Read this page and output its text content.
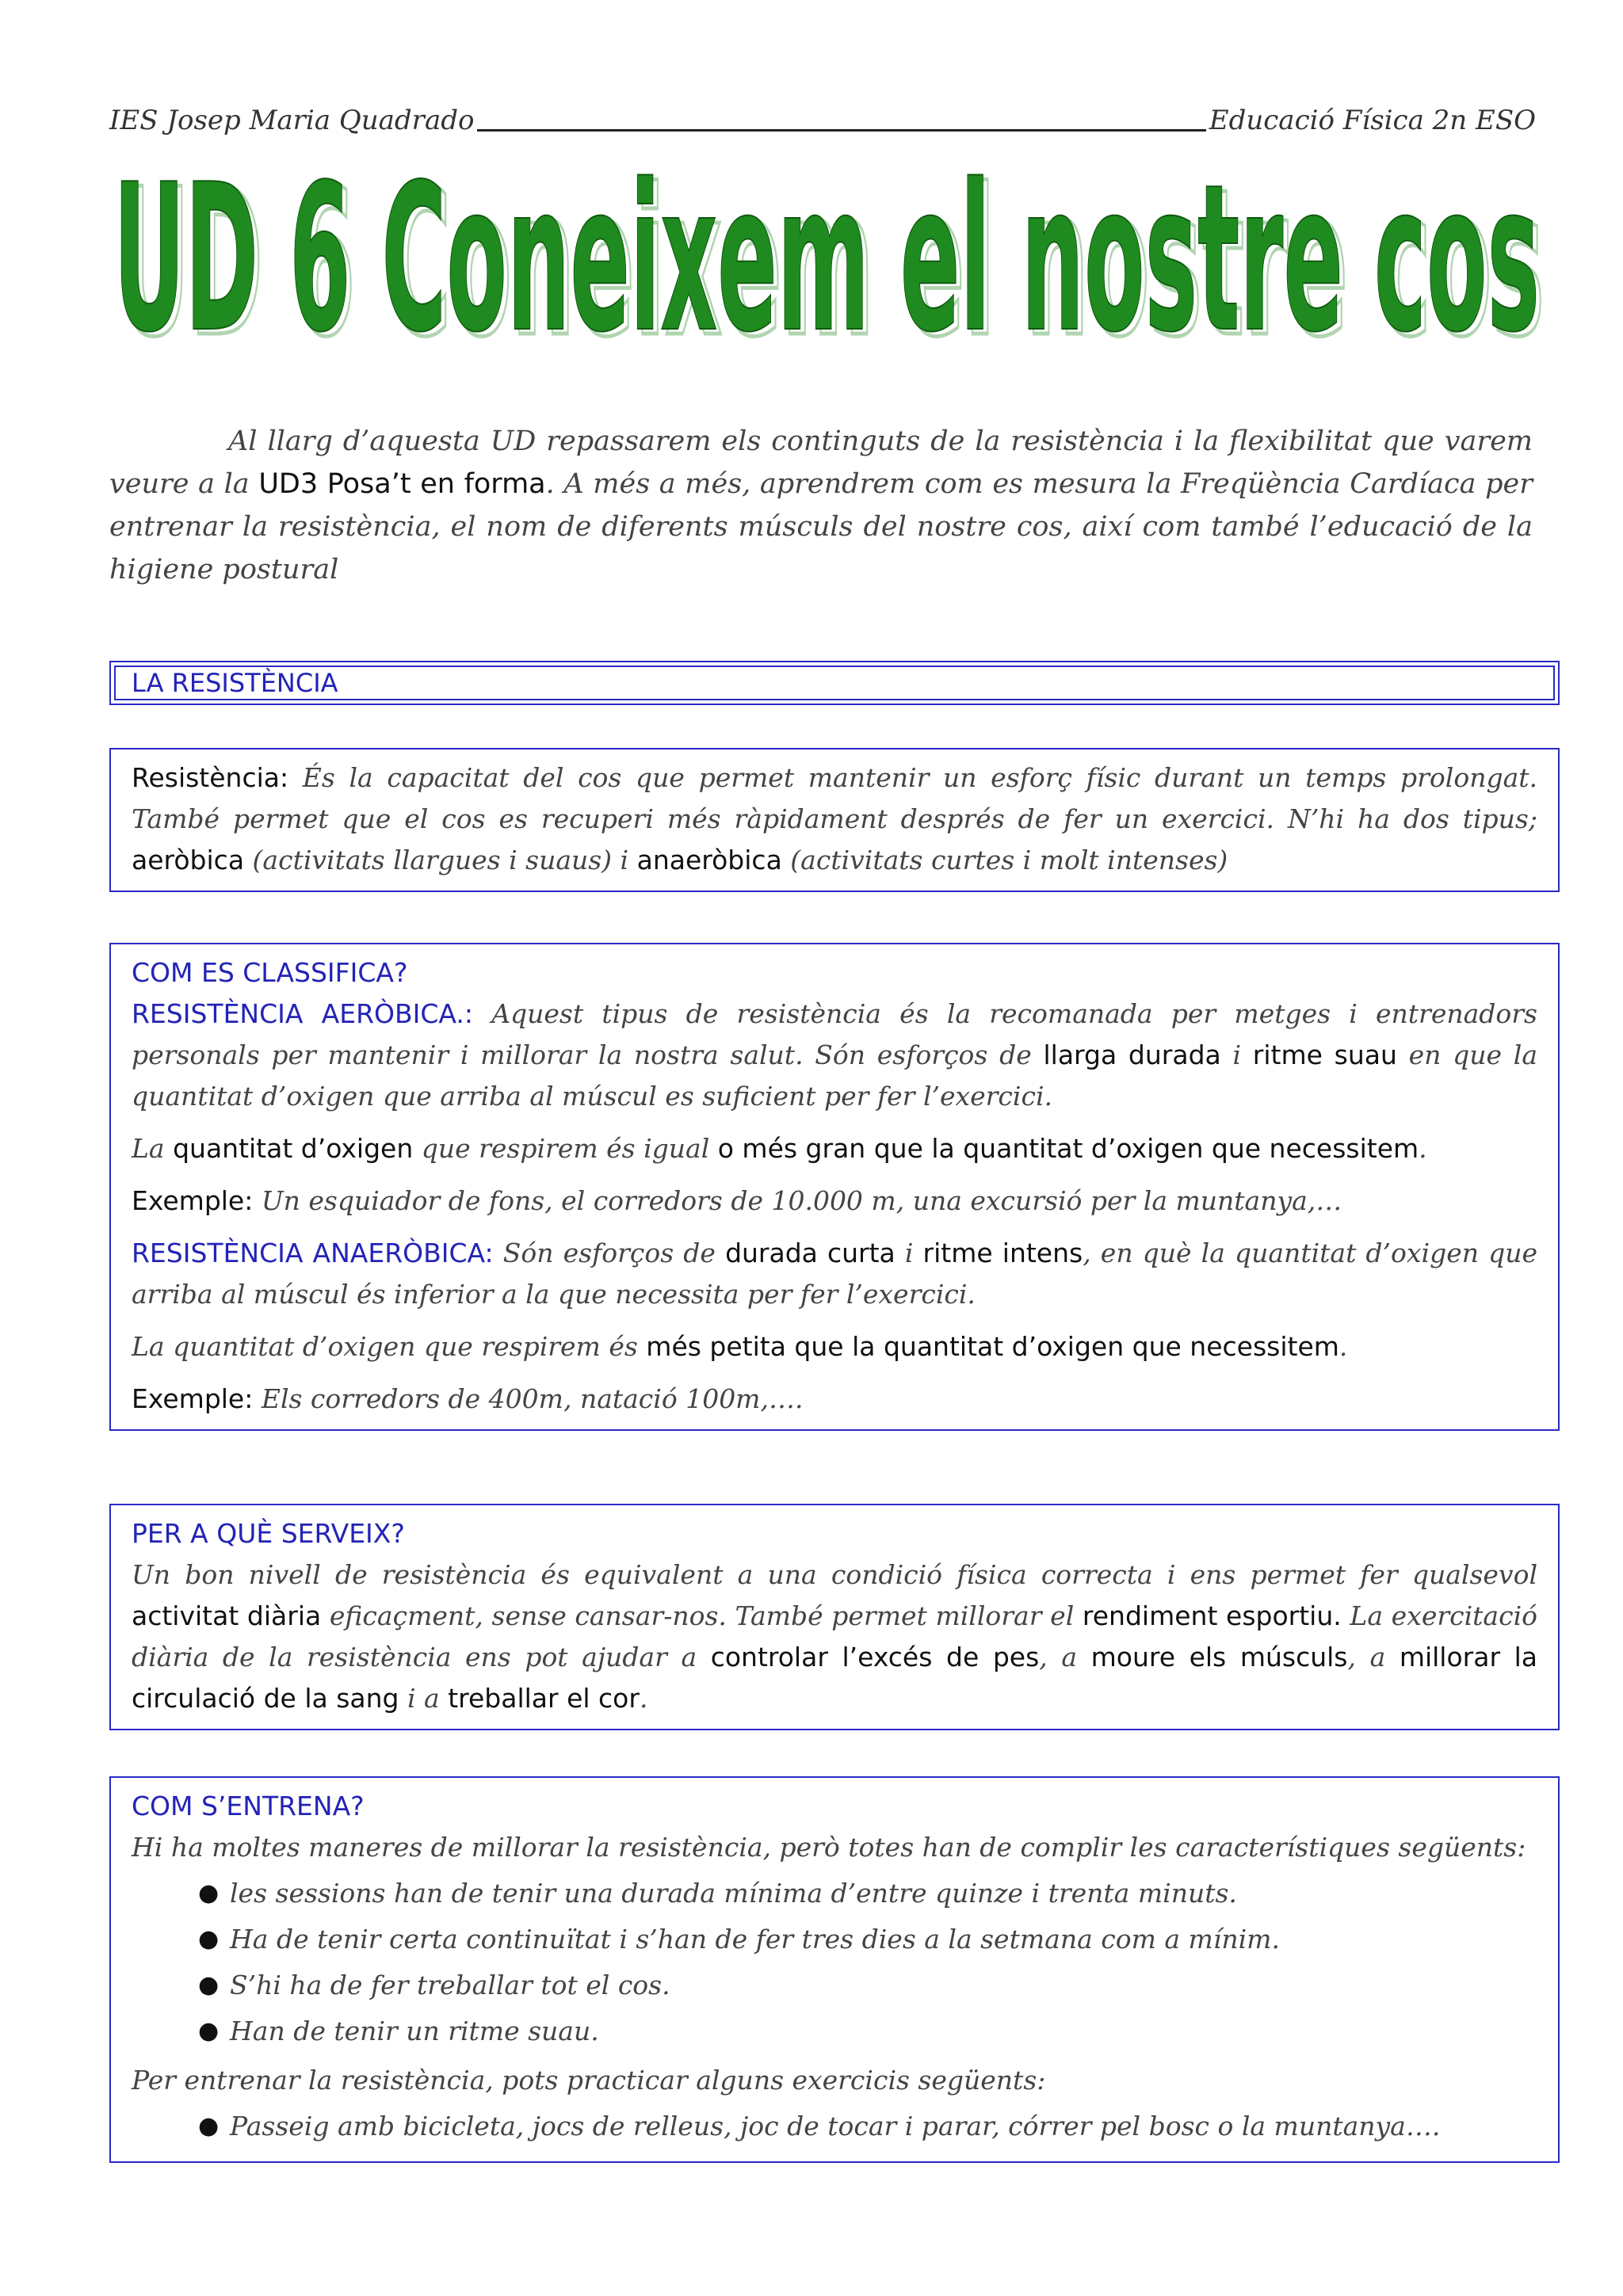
IES Josep Maria Quadrado	Educació Física 2n ESO
UD 6 Coneixem el nostre cos
UD 6 Coneixem el nostre cos
Al llarg d’aquesta UD repassarem els continguts de la resistència i la flexibilitat que varem veure a la UD3 Posa’t en forma. A més a més, aprendrem com es mesura la Freqüència Cardíaca per entrenar la resistència, el nom de diferents músculs del nostre cos, així com també l’educació de la higiene postural
LA RESISTÈNCIA

Resistència: És la capacitat del cos que permet mantenir un esforç físic durant un temps prolongat. També permet que el cos es recuperi més ràpidament després de fer un exercici. N’hi ha dos tipus; aeròbica (activitats llargues i suaus) i anaeròbica (activitats curtes i molt intenses)

COM ES CLASSIFICA?

RESISTÈNCIA AERÒBICA.: Aquest tipus de resistència és la recomanada per metges i entrenadors personals per mantenir i millorar la nostra salut. Són esforços de llarga durada i ritme suau en que la quantitat d’oxigen que arriba al múscul es suficient per fer l’exercici.

La quantitat d’oxigen que respirem és igual o més gran que la quantitat d’oxigen que necessitem.

Exemple: Un esquiador de fons, el corredors de 10.000 m, una excursió per la muntanya,…

RESISTÈNCIA ANAERÒBICA: Són esforços de durada curta i ritme intens, en què la quantitat d’oxigen que arriba al múscul és inferior a la que necessita per fer l’exercici.

La quantitat d’oxigen que respirem és més petita que la quantitat d’oxigen que necessitem.

Exemple: Els corredors de 400m, natació 100m,….

PER A QUÈ SERVEIX?

Un bon nivell de resistència és equivalent a una condició física correcta i ens permet fer qualsevol activitat diària eficaçment, sense cansar-nos. També permet millorar el rendiment esportiu. La exercitació diària de la resistència ens pot ajudar a controlar l’excés de pes, a moure els músculs, a millorar la circulació de la sang i a treballar el cor.

COM S’ENTRENA?

Hi ha moltes maneres de millorar la resistència, però totes han de complir les característiques següents:

● les sessions han de tenir una durada mínima d’entre quinze i trenta minuts.
● Ha de tenir certa continuïtat i s’han de fer tres dies a la setmana com a mínim.
● S’hi ha de fer treballar tot el cos.
● Han de tenir un ritme suau.

Per entrenar la resistència, pots practicar alguns exercicis següents:

● Passeig amb bicicleta, jocs de relleus, joc de tocar i parar, córrer pel bosc o la muntanya….
